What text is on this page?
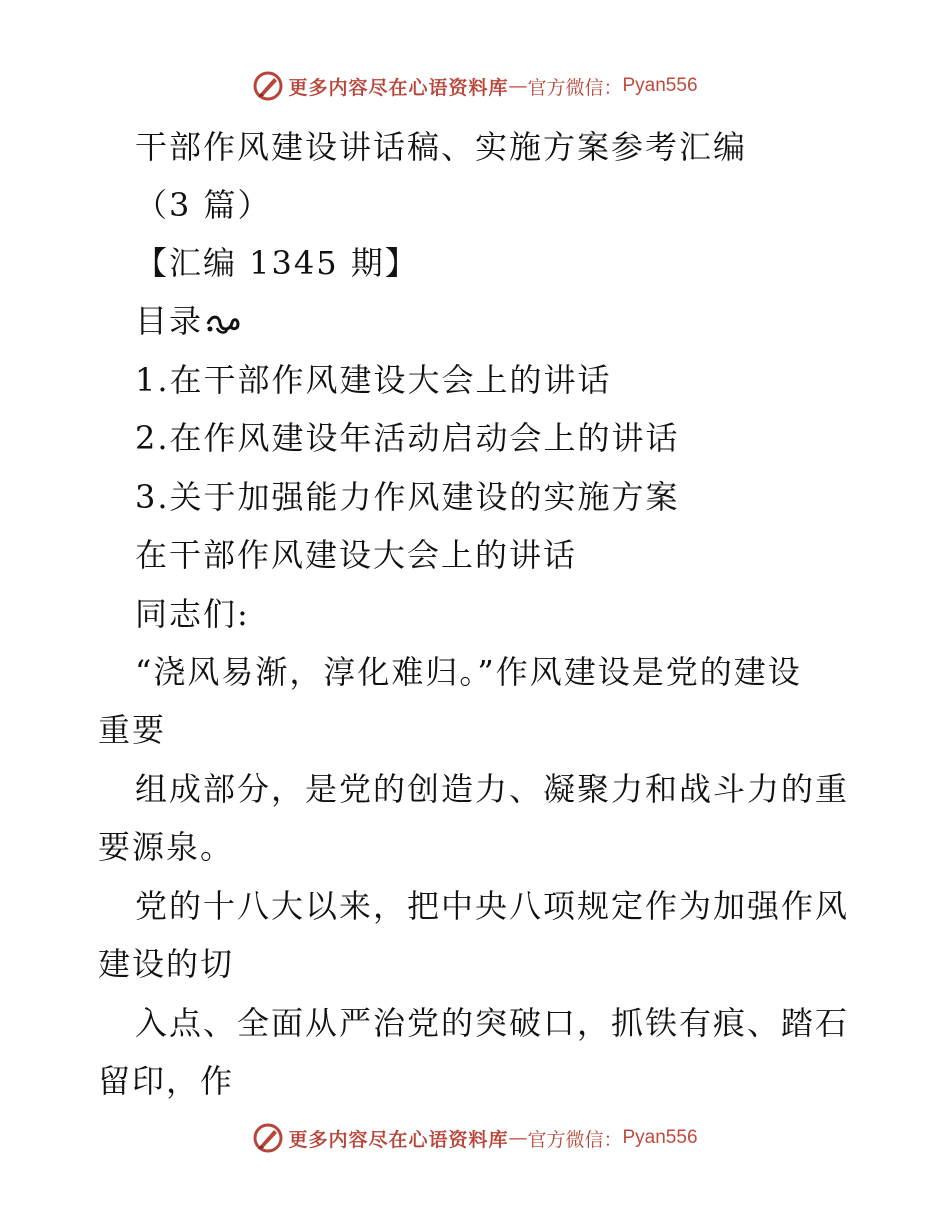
更多内容尽在心语资料库 — 官方微信： Pyan556
干部作风建设讲话稿、实施方案参考汇编
（3 篇）
【汇编 1345 期】
目录
1.在干部作风建设大会上的讲话
2.在作风建设年活动启动会上的讲话
3.关于加强能力作风建设的实施方案
在干部作风建设大会上的讲话
同志们:
“浇风易渐，淳化难归。”作风建设是党的建设
重要
组成部分，是党的创造力、凝聚力和战斗力的重
要源泉。
党的十八大以来，把中央八项规定作为加强作风
建设的切
入点、全面从严治党的突破口，抓铁有痕、踏石
留印，作
更多内容尽在心语资料库 — 官方微信： Pyan556
